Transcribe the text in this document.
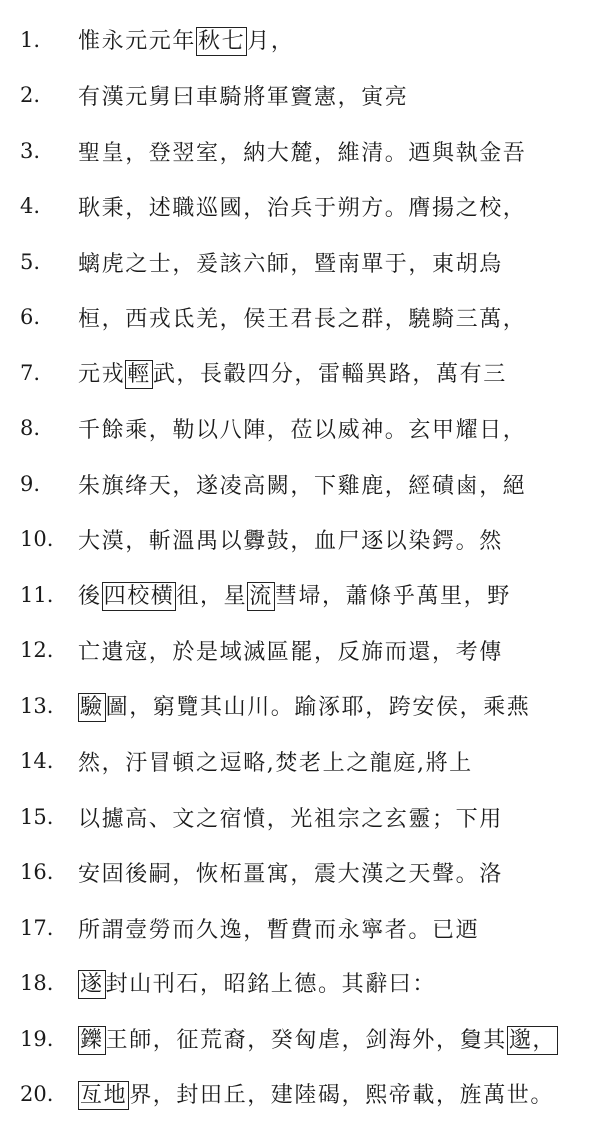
1.	惟永元元年秋七月，
2.	有漢元舅曰車騎將軍竇憲，寅亮
3.	聖皇，登翌室，納大麓，維清。迺與執金吾
4.	耿秉，述職巡國，治兵于朔方。膺揚之校，
5.	螭虎之士，爰該六師，暨南單于，東胡烏
6.	桓，西戎氐羌，侯王君長之群，驍騎三萬，
7.	元戎輕武，長轂四分，雷輜異路，萬有三
8.	千餘乘，勒以八陣，莅以威神。玄甲耀日，
9.	朱旗绛天，遂凌高闕，下雞鹿，經磧鹵，絕
10.	大漠，斬溫禺以釁鼓，血尸逐以染鍔。然
11.	後四校横徂，星流彗埽，蕭條乎萬里，野
12.	亡遺寇，於是域滅區罷，反旆而還，考傳
13.	驗圖，窮覽其山川。踰涿耶，跨安侯，乘燕
14.	然，汙冒頓之逗略,焚老上之龍庭,將上
15.	以攄高、文之宿憤，光祖宗之玄靈；下用
16.	安固後嗣，恢柘畺寓，震大漢之天聲。洛
17.	所謂壹勞而久逸，暫費而永寧者。已迺
18.	遂封山刊石，昭銘上德。其辭曰：
19.	鑠王師，征荒裔，癸匈虐，剑海外，敻其邈，
20.	亙地界，封田丘，建陸碣，熙帝載，旌萬世。
